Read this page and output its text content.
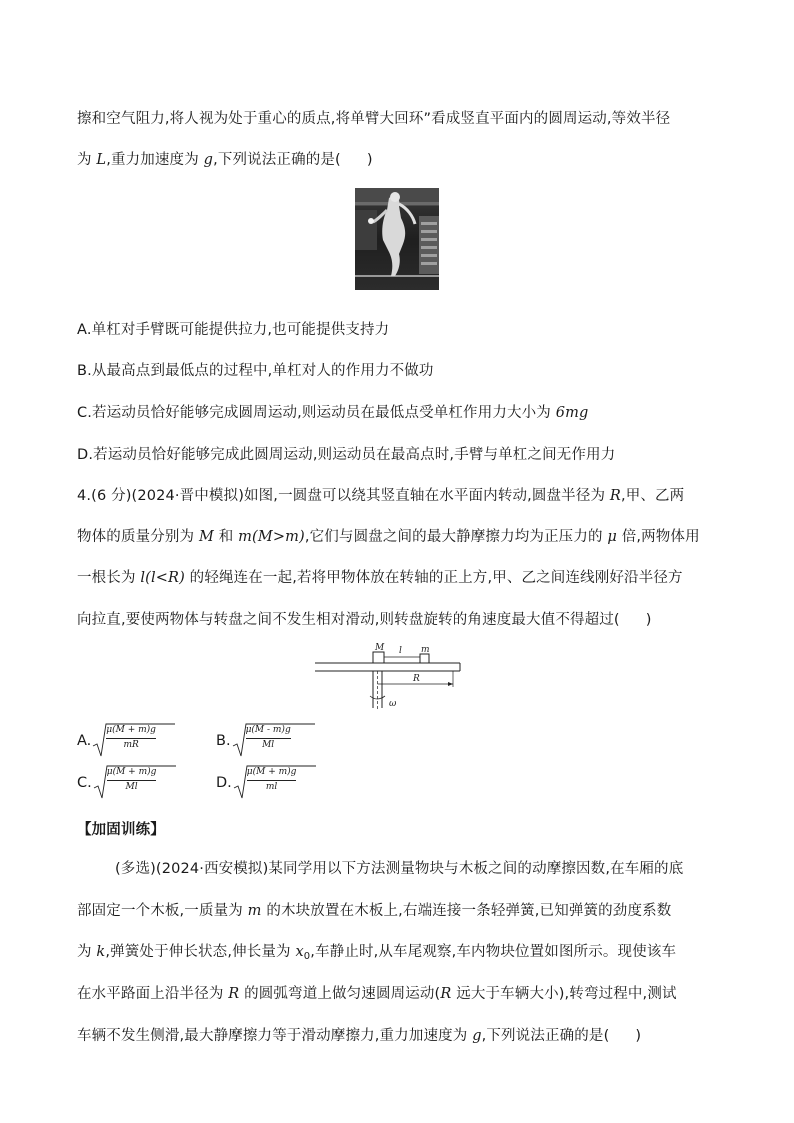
擦和空气阻力,将人视为处于重心的质点,将单臂大回环”看成竖直平面内的圆周运动,等效半径
为 L,重力加速度为 g,下列说法正确的是( )
A.单杠对手臂既可能提供拉力,也可能提供支持力
B.从最高点到最低点的过程中,单杠对人的作用力不做功
C.若运动员恰好能够完成圆周运动,则运动员在最低点受单杠作用力大小为 6mg
D.若运动员恰好能够完成此圆周运动,则运动员在最高点时,手臂与单杠之间无作用力
4.(6 分)(2024·晋中模拟)如图,一圆盘可以绕其竖直轴在水平面内转动,圆盘半径为 R,甲、乙两
物体的质量分别为 M 和 m(M>m),它们与圆盘之间的最大静摩擦力均为正压力的 μ 倍,两物体用
一根长为 l(l<R) 的轻绳连在一起,若将甲物体放在转轴的正上方,甲、乙之间连线刚好沿半径方
向拉直,要使两物体与转盘之间不发生相对滑动,则转盘旋转的角速度最大值不得超过( )
M	m
l
R
ω
A.
μ(M + m)g
mR	B.
μ(M - m)g
Ml
C.
μ(M + m)g
Ml	D.
μ(M + m)g
ml
【加固训练】
(多选)(2024·西安模拟)某同学用以下方法测量物块与木板之间的动摩擦因数,在车厢的底
部固定一个木板,一质量为 m 的木块放置在木板上,右端连接一条轻弹簧,已知弹簧的劲度系数
为 k,弹簧处于伸长状态,伸长量为 $x_0$,车静止时,从车尾观察,车内物块位置如图所示。现使该车
在水平路面上沿半径为 R 的圆弧弯道上做匀速圆周运动(R 远大于车辆大小),转弯过程中,测试
车辆不发生侧滑,最大静摩擦力等于滑动摩擦力,重力加速度为 g,下列说法正确的是( )
